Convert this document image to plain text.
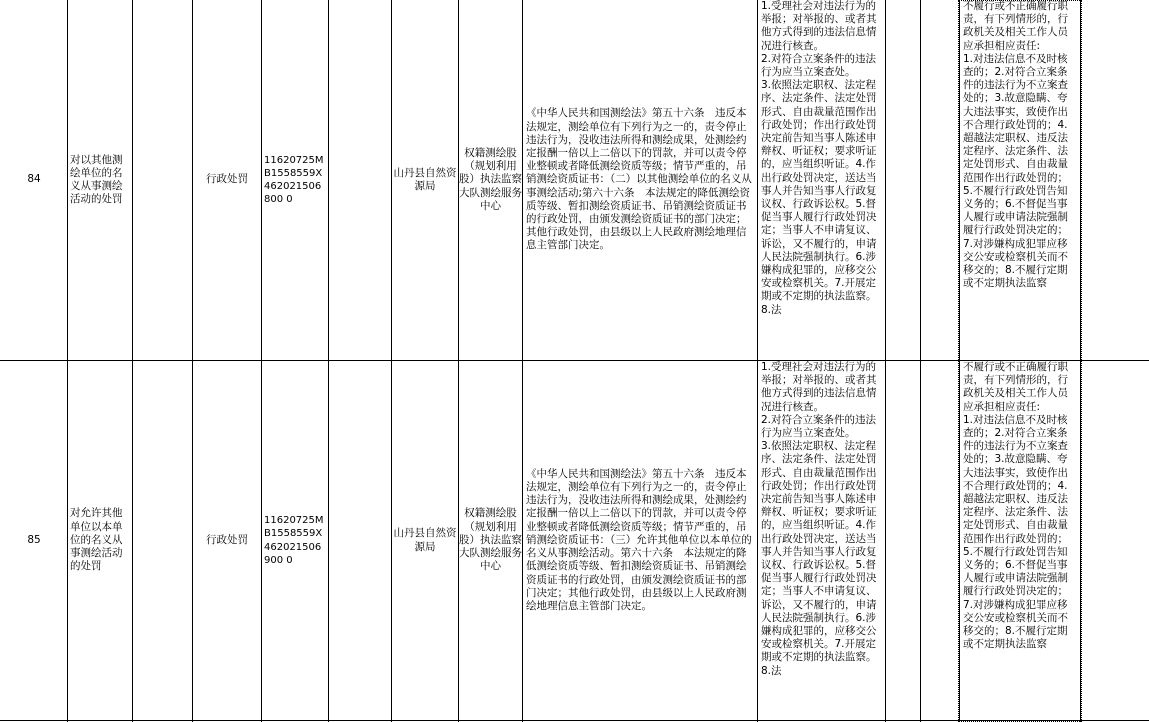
84
对以其他测绘单位的名义从事测绘活动的处罚
行政处罚
11620725MB1558559X462021506800 0
山丹县自然资源局
权籍测绘股（规划利用股）执法监察大队测绘服务中心
《中华人民共和国测绘法》第五十六条　违反本法规定，测绘单位有下列行为之一的，责令停止违法行为，没收违法所得和测绘成果，处测绘约定报酬一倍以上二倍以下的罚款，并可以责令停业整顿或者降低测绘资质等级；情节严重的，吊销测绘资质证书：（二）以其他测绘单位的名义从事测绘活动;第六十六条　本法规定的降低测绘资质等级、暂扣测绘资质证书、吊销测绘资质证书的行政处罚，由颁发测绘资质证书的部门决定；其他行政处罚，由县级以上人民政府测绘地理信息主管部门决定。
1.受理社会对违法行为的举报；对举报的、或者其他方式得到的违法信息情况进行核查。
2.对符合立案条件的违法行为应当立案查处。
3.依照法定职权、法定程序、法定条件、法定处罚形式、自由裁量范围作出行政处罚；作出行政处罚决定前告知当事人陈述申辩权、听证权；要求听证的，应当组织听证。4.作出行政处罚决定，送达当事人并告知当事人行政复议权、行政诉讼权。5.督促当事人履行行政处罚决定；当事人不申请复议、诉讼，又不履行的，申请人民法院强制执行。6.涉嫌构成犯罪的，应移交公安或检察机关。7.开展定期或不定期的执法监察。8.法
不履行或不正确履行职责，有下列情形的，行政机关及相关工作人员应承担相应责任:
1.对违法信息不及时核查的；2.对符合立案条件的违法行为不立案查处的；3.故意隐瞒、夸大违法事实，致使作出不合理行政处罚的；4.超越法定职权、违反法定程序、法定条件、法定处罚形式、自由裁量范围作出行政处罚的；5.不履行行政处罚告知义务的；6.不督促当事人履行或申请法院强制履行行政处罚决定的；7.对涉嫌构成犯罪应移交公安或检察机关而不移交的；8.不履行定期或不定期执法监察
85
对允许其他单位以本单位的名义从事测绘活动的处罚
行政处罚
11620725MB1558559X462021506900 0
山丹县自然资源局
权籍测绘股（规划利用股）执法监察大队测绘服务中心
《中华人民共和国测绘法》第五十六条　违反本法规定，测绘单位有下列行为之一的，责令停止违法行为，没收违法所得和测绘成果，处测绘约定报酬一倍以上二倍以下的罚款，并可以责令停业整顿或者降低测绘资质等级；情节严重的，吊销测绘资质证书：（三）允许其他单位以本单位的名义从事测绘活动。第六十六条　本法规定的降低测绘资质等级、暂扣测绘资质证书、吊销测绘资质证书的行政处罚，由颁发测绘资质证书的部门决定；其他行政处罚，由县级以上人民政府测绘地理信息主管部门决定。
1.受理社会对违法行为的举报；对举报的、或者其他方式得到的违法信息情况进行核查。
2.对符合立案条件的违法行为应当立案查处。
3.依照法定职权、法定程序、法定条件、法定处罚形式、自由裁量范围作出行政处罚；作出行政处罚决定前告知当事人陈述申辩权、听证权；要求听证的，应当组织听证。4.作出行政处罚决定，送达当事人并告知当事人行政复议权、行政诉讼权。5.督促当事人履行行政处罚决定；当事人不申请复议、诉讼，又不履行的，申请人民法院强制执行。6.涉嫌构成犯罪的，应移交公安或检察机关。7.开展定期或不定期的执法监察。8.法
不履行或不正确履行职责，有下列情形的，行政机关及相关工作人员应承担相应责任:
1.对违法信息不及时核查的；2.对符合立案条件的违法行为不立案查处的；3.故意隐瞒、夸大违法事实，致使作出不合理行政处罚的；4.超越法定职权、违反法定程序、法定条件、法定处罚形式、自由裁量范围作出行政处罚的；5.不履行行政处罚告知义务的；6.不督促当事人履行或申请法院强制履行行政处罚决定的；7.对涉嫌构成犯罪应移交公安或检察机关而不移交的；8.不履行定期或不定期执法监察
